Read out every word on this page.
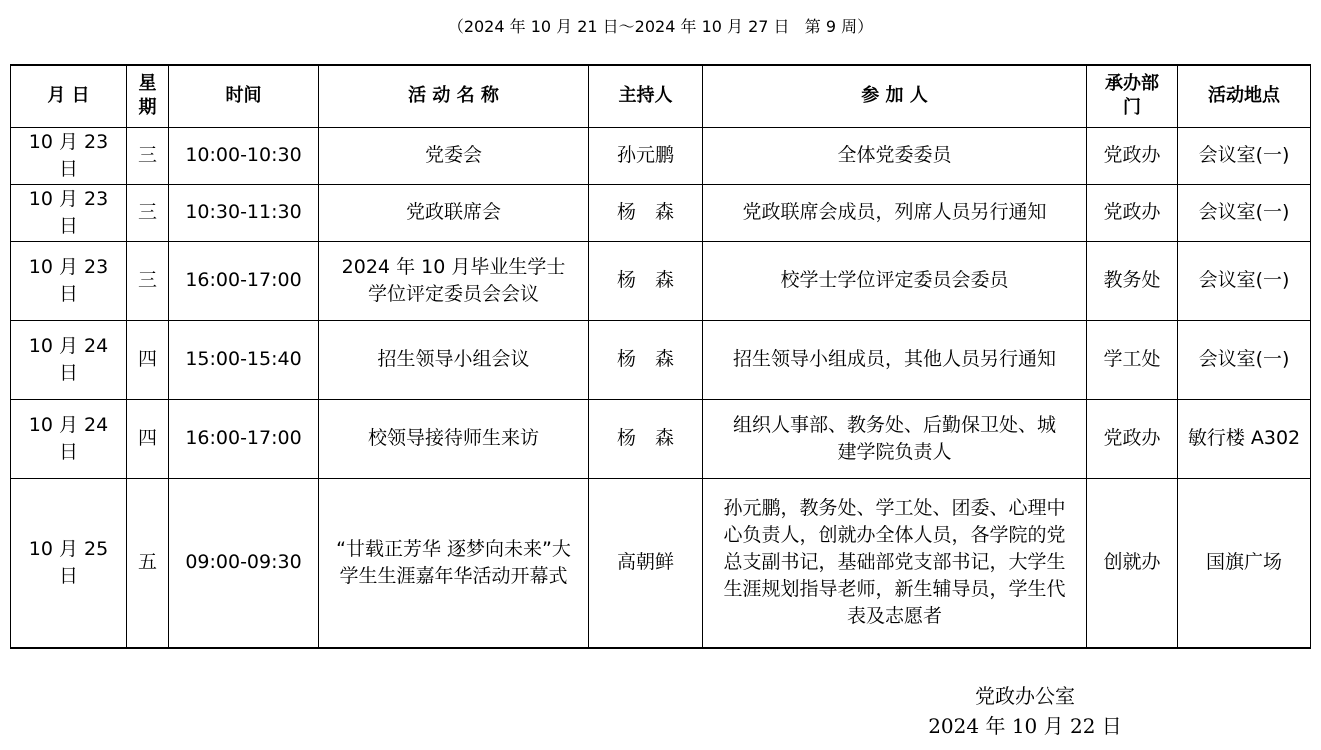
（2024 年 10 月 21 日～2024 年 10 月 27 日   第 9 周）
月 日	星期	时间	活 动 名 称	主持人	参 加 人	承办部门	活动地点
10 月 23 日	三	10:00-10:30	党委会	孙元鹏	全体党委委员	党政办	会议室(一)
10 月 23 日	三	10:30-11:30	党政联席会	杨　森	党政联席会成员，列席人员另行通知	党政办	会议室(一)
10 月 23 日	三	16:00-17:00	2024 年 10 月毕业生学士学位评定委员会会议	杨　森	校学士学位评定委员会委员	教务处	会议室(一)
10 月 24 日	四	15:00-15:40	招生领导小组会议	杨　森	招生领导小组成员，其他人员另行通知	学工处	会议室(一)
10 月 24 日	四	16:00-17:00	校领导接待师生来访	杨　森	组织人事部、教务处、后勤保卫处、城建学院负责人	党政办	敏行楼 A302
10 月 25 日	五	09:00-09:30	“廿载正芳华 逐梦向未来”大学生生涯嘉年华活动开幕式	高朝鲜	孙元鹏，教务处、学工处、团委、心理中心负责人，创就办全体人员，各学院的党总支副书记，基础部党支部书记，大学生生涯规划指导老师，新生辅导员，学生代表及志愿者	创就办	国旗广场
党政办公室
2024 年 10 月 22 日
